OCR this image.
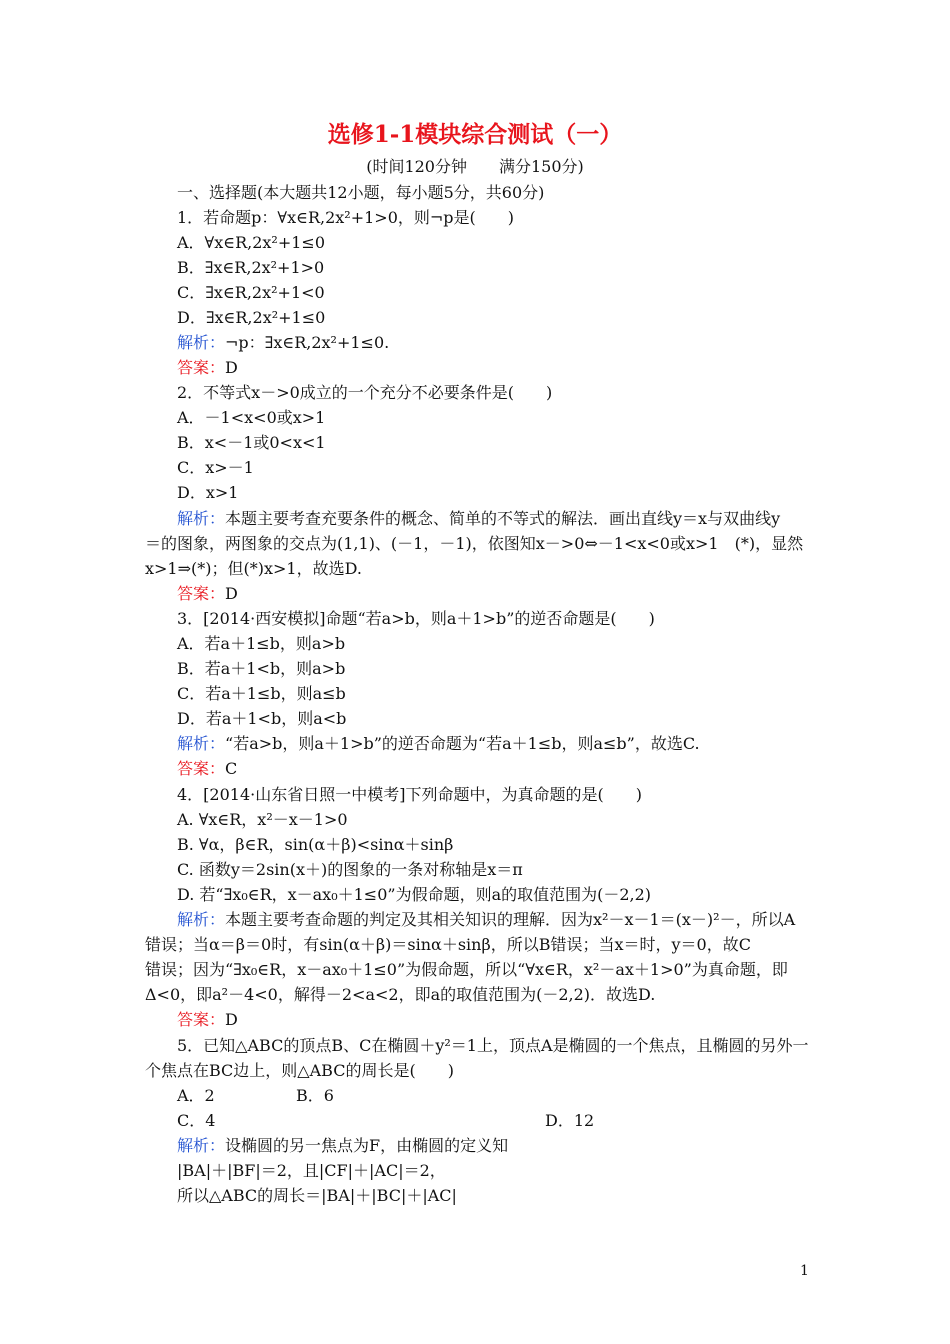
选修1-1模块综合测试（一）
(时间120分钟　　满分150分)
一、选择题(本大题共12小题，每小题5分，共60分)
1．若命题p：∀x∈R,2x²+1>0，则¬p是(　　)
A．∀x∈R,2x²+1≤0
B．∃x∈R,2x²+1>0
C．∃x∈R,2x²+1<0
D．∃x∈R,2x²+1≤0
解析：¬p：∃x∈R,2x²+1≤0.
答案：D
2．不等式x－>0成立的一个充分不必要条件是(　　)
A．－1<x<0或x>1
B．x<－1或0<x<1
C．x>－1
D．x>1
解析：本题主要考查充要条件的概念、简单的不等式的解法．画出直线y＝x与双曲线y
＝的图象，两图象的交点为(1,1)、(－1，－1)，依图知x－>0⇔－1<x<0或x>1　(*)，显然
x>1⇒(*)；但(*)x>1，故选D.
答案：D
3．[2014·西安模拟]命题“若a>b，则a＋1>b”的逆否命题是(　　)
A．若a＋1≤b，则a>b
B．若a＋1<b，则a>b
C．若a＋1≤b，则a≤b
D．若a＋1<b，则a<b
解析：“若a>b，则a＋1>b”的逆否命题为“若a＋1≤b，则a≤b”，故选C.
答案：C
4．[2014·山东省日照一中模考]下列命题中，为真命题的是(　　)
A. ∀x∈R，x²－x－1>0
B. ∀α，β∈R，sin(α＋β)<sinα＋sinβ
C. 函数y＝2sin(x＋)的图象的一条对称轴是x＝π
D. 若“∃x₀∈R，x－ax₀＋1≤0”为假命题，则a的取值范围为(－2,2)
解析：本题主要考查命题的判定及其相关知识的理解．因为x²－x－1＝(x－)²－，所以A
错误；当α＝β＝0时，有sin(α＋β)＝sinα＋sinβ，所以B错误；当x＝时，y＝0，故C
错误；因为“∃x₀∈R，x－ax₀＋1≤0”为假命题，所以“∀x∈R，x²－ax＋1>0”为真命题，即
Δ<0，即a²－4<0，解得－2<a<2，即a的取值范围为(－2,2)．故选D.
答案：D
5．已知△ABC的顶点B、C在椭圆＋y²＝1上，顶点A是椭圆的一个焦点，且椭圆的另外一
个焦点在BC边上，则△ABC的周长是(　　)
A．2	B．6
C．4	D．12
解析：设椭圆的另一焦点为F，由椭圆的定义知
|BA|＋|BF|＝2，且|CF|＋|AC|＝2，
所以△ABC的周长＝|BA|＋|BC|＋|AC|
1
